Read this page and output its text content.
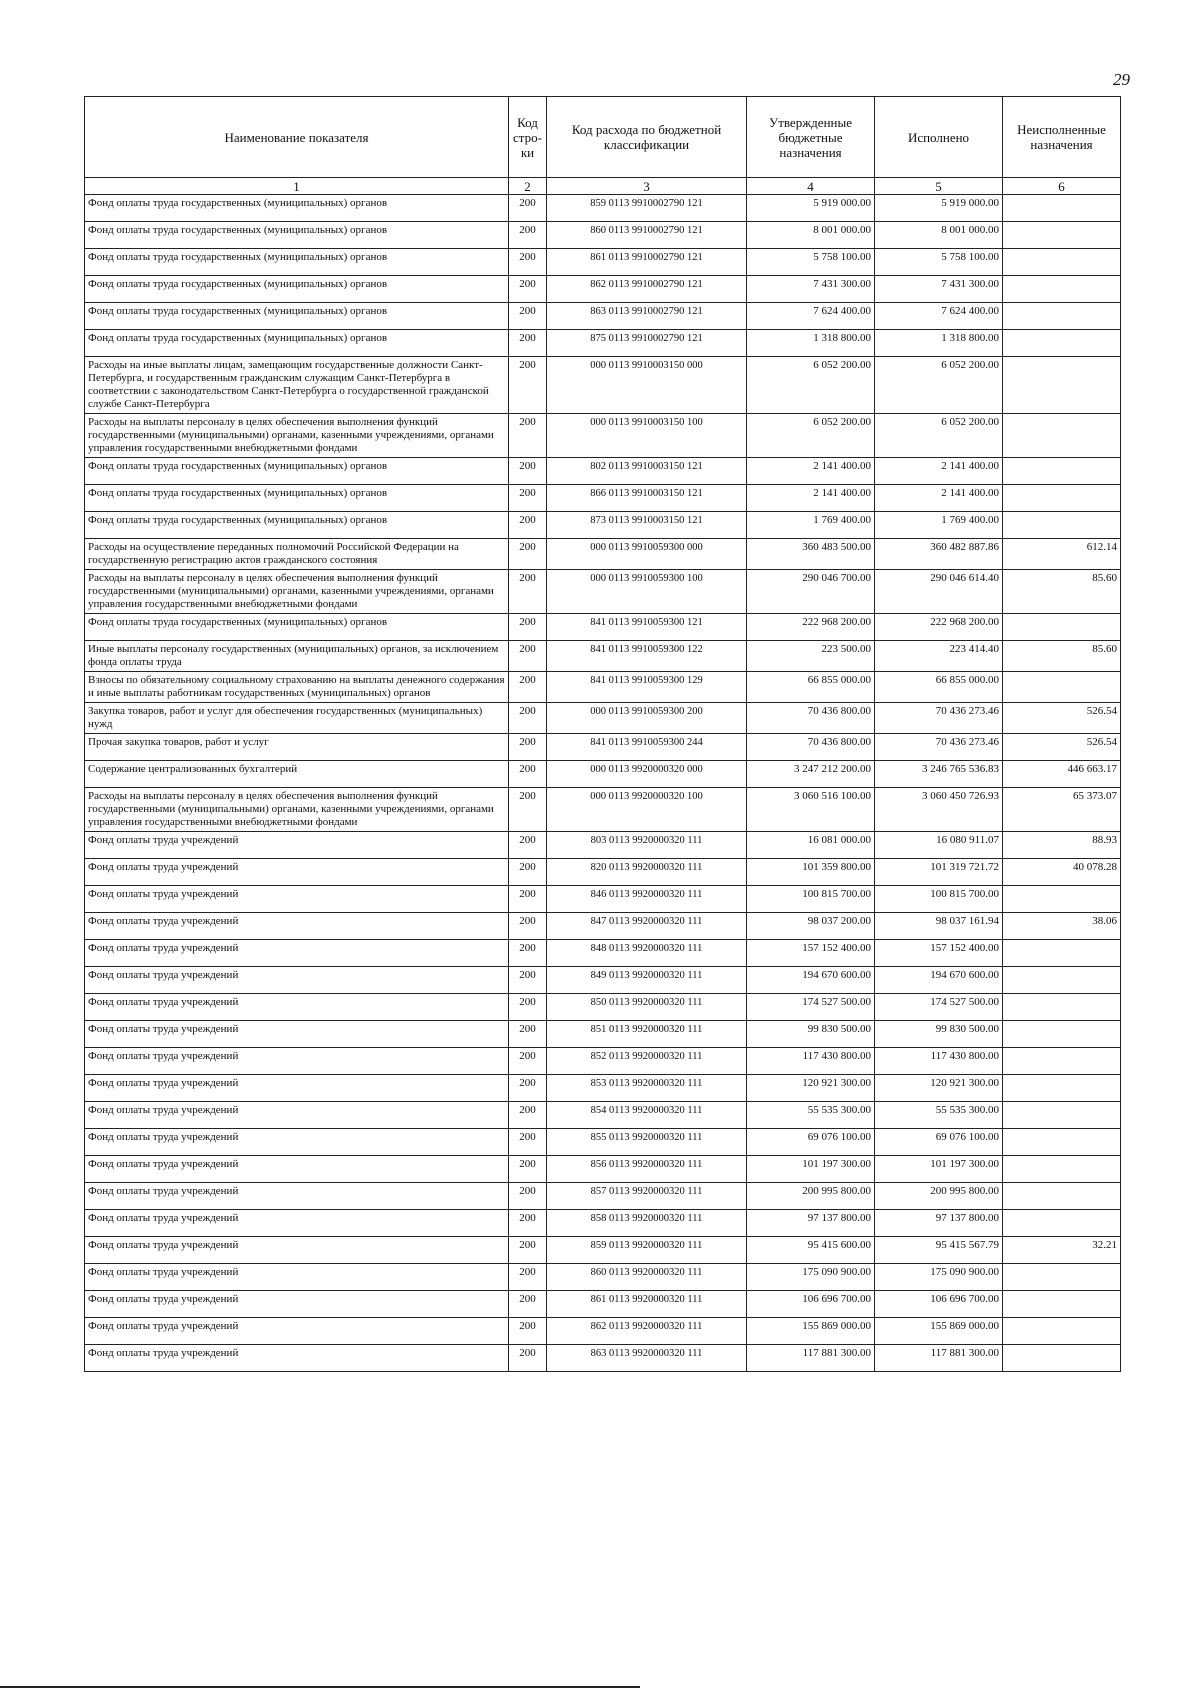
29
Наименование показателя	Код стро-ки	Код расхода по бюджетной классификации	Утвержденные бюджетные назначения	Исполнено	Неисполненные назначения
1	2	3	4	5	6
Фонд оплаты труда государственных (муниципальных) органов	200	859 0113 9910002790 121	5 919 000.00	5 919 000.00	
Фонд оплаты труда государственных (муниципальных) органов	200	860 0113 9910002790 121	8 001 000.00	8 001 000.00	
Фонд оплаты труда государственных (муниципальных) органов	200	861 0113 9910002790 121	5 758 100.00	5 758 100.00	
Фонд оплаты труда государственных (муниципальных) органов	200	862 0113 9910002790 121	7 431 300.00	7 431 300.00	
Фонд оплаты труда государственных (муниципальных) органов	200	863 0113 9910002790 121	7 624 400.00	7 624 400.00	
Фонд оплаты труда государственных (муниципальных) органов	200	875 0113 9910002790 121	1 318 800.00	1 318 800.00	
Расходы на иные выплаты лицам, замещающим государственные должности Санкт-Петербурга, и государственным гражданским служащим Санкт-Петербурга в соответствии с законодательством Санкт-Петербурга о государственной гражданской службе Санкт-Петербурга	200	000 0113 9910003150 000	6 052 200.00	6 052 200.00	
Расходы на выплаты персоналу в целях обеспечения выполнения функций государственными (муниципальными) органами, казенными учреждениями, органами управления государственными внебюджетными фондами	200	000 0113 9910003150 100	6 052 200.00	6 052 200.00	
Фонд оплаты труда государственных (муниципальных) органов	200	802 0113 9910003150 121	2 141 400.00	2 141 400.00	
Фонд оплаты труда государственных (муниципальных) органов	200	866 0113 9910003150 121	2 141 400.00	2 141 400.00	
Фонд оплаты труда государственных (муниципальных) органов	200	873 0113 9910003150 121	1 769 400.00	1 769 400.00	
Расходы на осуществление переданных полномочий Российской Федерации на государственную регистрацию актов гражданского состояния	200	000 0113 9910059300 000	360 483 500.00	360 482 887.86	612.14
Расходы на выплаты персоналу в целях обеспечения выполнения функций государственными (муниципальными) органами, казенными учреждениями, органами управления государственными внебюджетными фондами	200	000 0113 9910059300 100	290 046 700.00	290 046 614.40	85.60
Фонд оплаты труда государственных (муниципальных) органов	200	841 0113 9910059300 121	222 968 200.00	222 968 200.00	
Иные выплаты персоналу государственных (муниципальных) органов, за исключением фонда оплаты труда	200	841 0113 9910059300 122	223 500.00	223 414.40	85.60
Взносы по обязательному социальному страхованию на выплаты денежного содержания и иные выплаты работникам государственных (муниципальных) органов	200	841 0113 9910059300 129	66 855 000.00	66 855 000.00	
Закупка товаров, работ и услуг для обеспечения государственных (муниципальных) нужд	200	000 0113 9910059300 200	70 436 800.00	70 436 273.46	526.54
Прочая закупка товаров, работ и услуг	200	841 0113 9910059300 244	70 436 800.00	70 436 273.46	526.54
Содержание централизованных бухгалтерий	200	000 0113 9920000320 000	3 247 212 200.00	3 246 765 536.83	446 663.17
Расходы на выплаты персоналу в целях обеспечения выполнения функций государственными (муниципальными) органами, казенными учреждениями, органами управления государственными внебюджетными фондами	200	000 0113 9920000320 100	3 060 516 100.00	3 060 450 726.93	65 373.07
Фонд оплаты труда учреждений	200	803 0113 9920000320 111	16 081 000.00	16 080 911.07	88.93
Фонд оплаты труда учреждений	200	820 0113 9920000320 111	101 359 800.00	101 319 721.72	40 078.28
Фонд оплаты труда учреждений	200	846 0113 9920000320 111	100 815 700.00	100 815 700.00	
Фонд оплаты труда учреждений	200	847 0113 9920000320 111	98 037 200.00	98 037 161.94	38.06
Фонд оплаты труда учреждений	200	848 0113 9920000320 111	157 152 400.00	157 152 400.00	
Фонд оплаты труда учреждений	200	849 0113 9920000320 111	194 670 600.00	194 670 600.00	
Фонд оплаты труда учреждений	200	850 0113 9920000320 111	174 527 500.00	174 527 500.00	
Фонд оплаты труда учреждений	200	851 0113 9920000320 111	99 830 500.00	99 830 500.00	
Фонд оплаты труда учреждений	200	852 0113 9920000320 111	117 430 800.00	117 430 800.00	
Фонд оплаты труда учреждений	200	853 0113 9920000320 111	120 921 300.00	120 921 300.00	
Фонд оплаты труда учреждений	200	854 0113 9920000320 111	55 535 300.00	55 535 300.00	
Фонд оплаты труда учреждений	200	855 0113 9920000320 111	69 076 100.00	69 076 100.00	
Фонд оплаты труда учреждений	200	856 0113 9920000320 111	101 197 300.00	101 197 300.00	
Фонд оплаты труда учреждений	200	857 0113 9920000320 111	200 995 800.00	200 995 800.00	
Фонд оплаты труда учреждений	200	858 0113 9920000320 111	97 137 800.00	97 137 800.00	
Фонд оплаты труда учреждений	200	859 0113 9920000320 111	95 415 600.00	95 415 567.79	32.21
Фонд оплаты труда учреждений	200	860 0113 9920000320 111	175 090 900.00	175 090 900.00	
Фонд оплаты труда учреждений	200	861 0113 9920000320 111	106 696 700.00	106 696 700.00	
Фонд оплаты труда учреждений	200	862 0113 9920000320 111	155 869 000.00	155 869 000.00	
Фонд оплаты труда учреждений	200	863 0113 9920000320 111	117 881 300.00	117 881 300.00	
